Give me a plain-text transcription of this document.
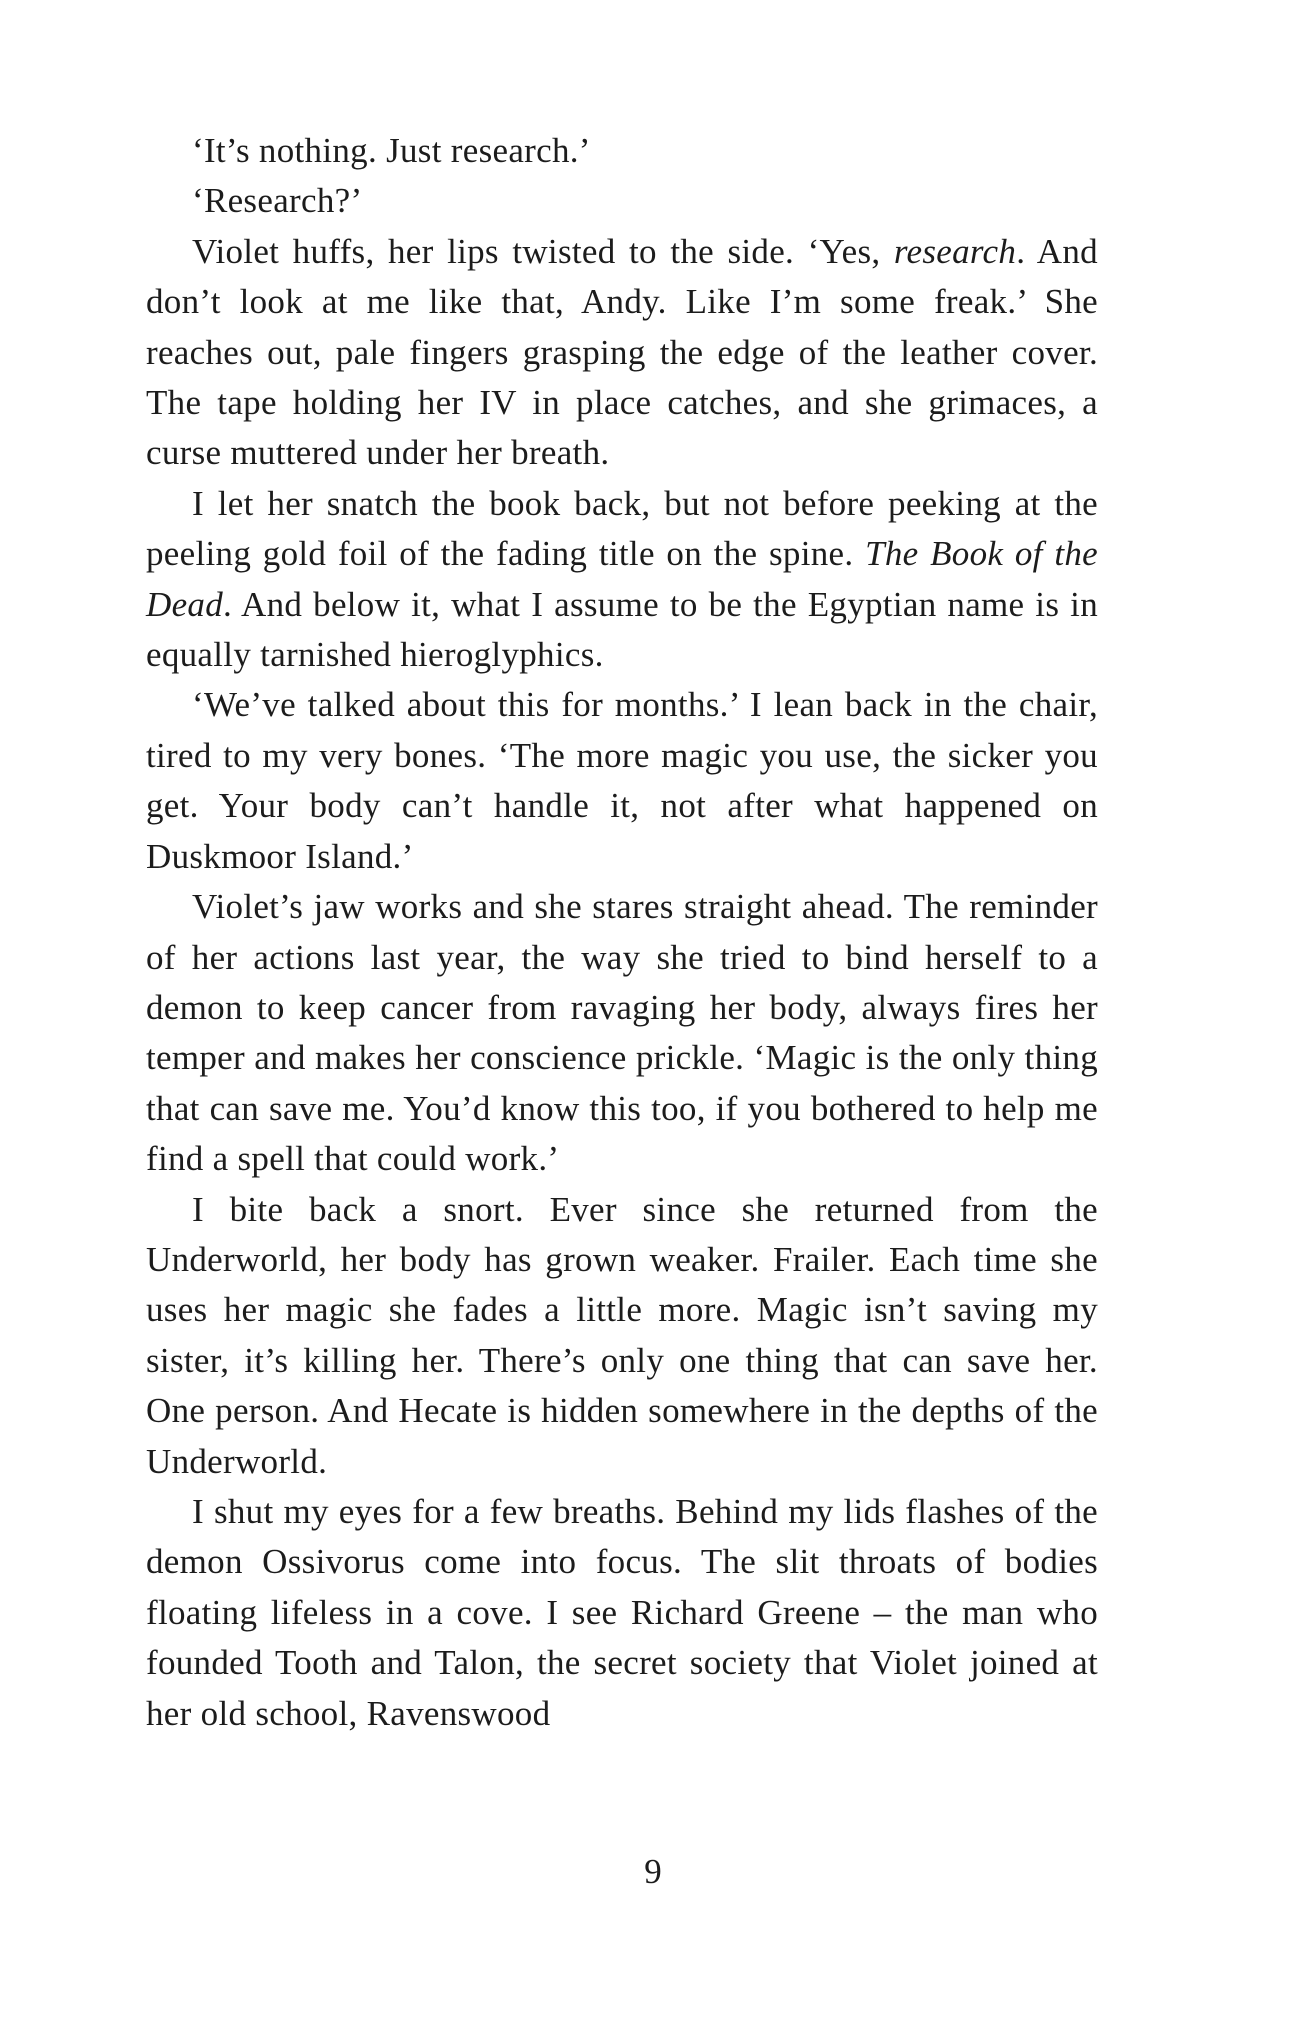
‘It’s nothing. Just research.’

‘Research?’

Violet huffs, her lips twisted to the side. ‘Yes, research. And don’t look at me like that, Andy. Like I’m some freak.’ She reaches out, pale fingers grasping the edge of the leather cover. The tape holding her IV in place catches, and she grimaces, a curse muttered under her breath.

I let her snatch the book back, but not before peeking at the peeling gold foil of the fading title on the spine. The Book of the Dead. And below it, what I assume to be the Egyptian name is in equally tarnished hieroglyphics.

‘We’ve talked about this for months.’ I lean back in the chair, tired to my very bones. ‘The more magic you use, the sicker you get. Your body can’t handle it, not after what happened on Duskmoor Island.’

Violet’s jaw works and she stares straight ahead. The reminder of her actions last year, the way she tried to bind herself to a demon to keep cancer from ravaging her body, always fires her temper and makes her conscience prickle. ‘Magic is the only thing that can save me. You’d know this too, if you bothered to help me find a spell that could work.’

I bite back a snort. Ever since she returned from the Underworld, her body has grown weaker. Frailer. Each time she uses her magic she fades a little more. Magic isn’t saving my sister, it’s killing her. There’s only one thing that can save her. One person. And Hecate is hidden somewhere in the depths of the Underworld.

I shut my eyes for a few breaths. Behind my lids flashes of the demon Ossivorus come into focus. The slit throats of bodies floating lifeless in a cove. I see Richard Greene – the man who founded Tooth and Talon, the secret society that Violet joined at her old school, Ravenswood

9
